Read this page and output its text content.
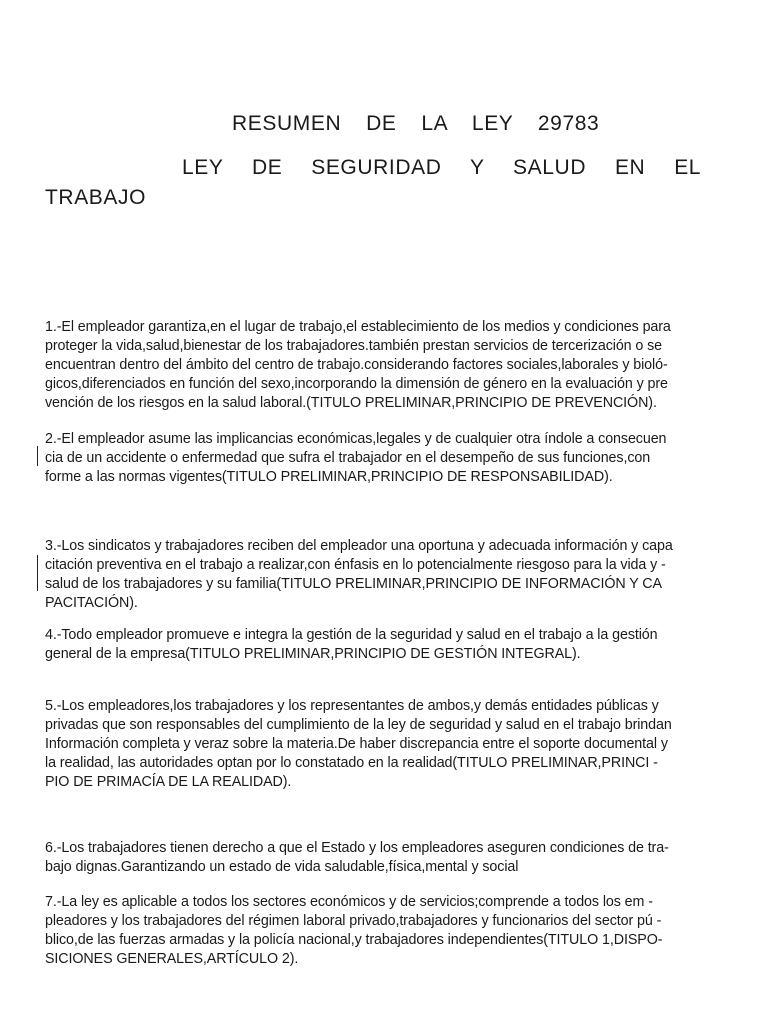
RESUMEN  DE  LA  LEY  29783
LEY  DE  SEGURIDAD  Y  SALUD  EN  EL
TRABAJO
1.-El empleador garantiza,en el lugar de trabajo,el establecimiento de los medios y condiciones para
proteger la vida,salud,bienestar de los trabajadores.también prestan servicios de tercerización o se
encuentran dentro del ámbito del centro de trabajo.considerando factores sociales,laborales y bioló-
gicos,diferenciados en función del sexo,incorporando la dimensión de género en la evaluación y pre
vención de los riesgos en la salud laboral.(TITULO PRELIMINAR,PRINCIPIO DE PREVENCIÓN).
2.-El empleador asume las implicancias económicas,legales y de cualquier otra índole a consecuen
cia de un accidente o enfermedad que sufra el trabajador en el desempeño de sus funciones,con
forme a las normas vigentes(TITULO PRELIMINAR,PRINCIPIO DE RESPONSABILIDAD).
3.-Los sindicatos y trabajadores reciben del empleador una oportuna y adecuada información y capa
citación preventiva en el trabajo a realizar,con énfasis en lo potencialmente riesgoso para la vida y -
salud de los trabajadores y su familia(TITULO PRELIMINAR,PRINCIPIO DE INFORMACIÓN Y CA
PACITACIÓN).
4.-Todo empleador promueve e integra la gestión de la seguridad y salud en el trabajo a la gestión
general de la empresa(TITULO PRELIMINAR,PRINCIPIO DE GESTIÓN INTEGRAL).
5.-Los empleadores,los trabajadores y los representantes de ambos,y demás entidades públicas y
privadas que son responsables del cumplimiento de la ley de seguridad y salud en el trabajo brindan
Información completa y veraz sobre la materia.De haber discrepancia entre el soporte documental y
la realidad, las autoridades optan por lo constatado en la realidad(TITULO PRELIMINAR,PRINCI -
PIO DE PRIMACÍA DE LA REALIDAD).
6.-Los trabajadores tienen derecho a que el Estado y los empleadores aseguren condiciones de tra-
bajo dignas.Garantizando un estado de vida saludable,física,mental y social
7.-La ley es aplicable a todos los sectores económicos y de servicios;comprende a todos los em -
pleadores y los trabajadores del régimen laboral privado,trabajadores y funcionarios del sector pú -
blico,de las fuerzas armadas y la policía nacional,y trabajadores independientes(TITULO 1,DISPO-
SICIONES GENERALES,ARTÍCULO 2).
